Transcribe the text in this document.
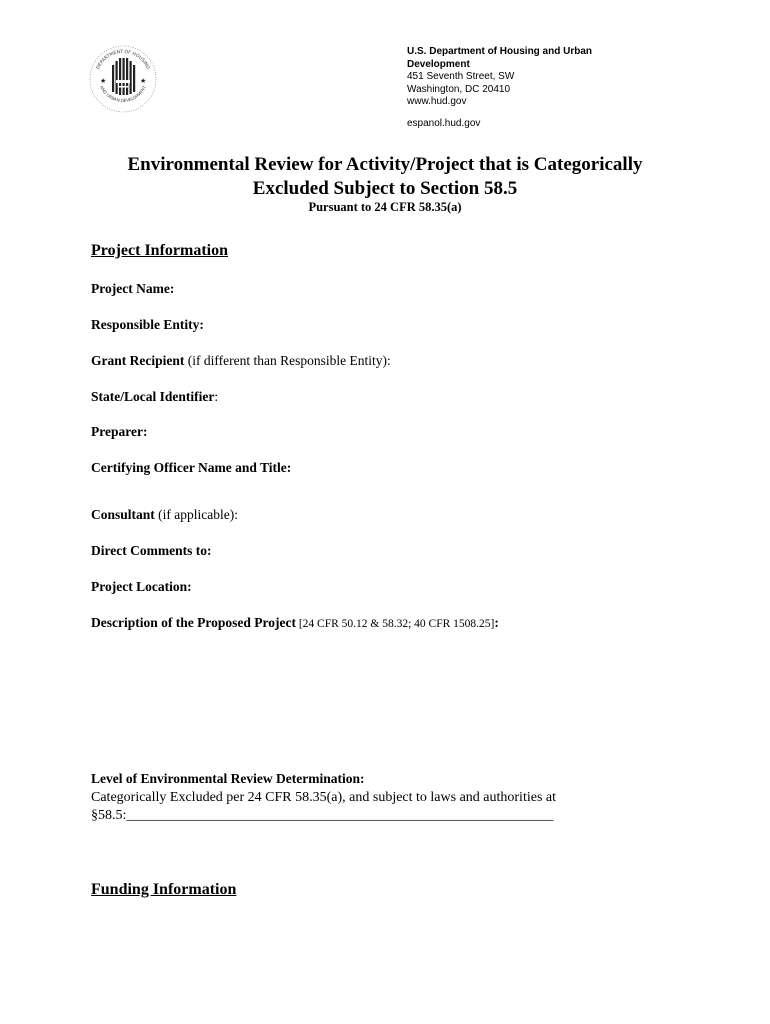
DEPARTMENT OF HOUSING
AND URBAN DEVELOPMENT
★	★
U.S. Department of Housing and Urban
Development
451 Seventh Street, SW
Washington, DC 20410
www.hud.gov
espanol.hud.gov
Environmental Review for Activity/Project that is Categorically
Excluded Subject to Section 58.5
Pursuant to 24 CFR 58.35(a)
Project Information
Project Name:
Responsible Entity:
Grant Recipient (if different than Responsible Entity):
State/Local Identifier:
Preparer:
Certifying Officer Name and Title:
Consultant (if applicable):
Direct Comments to:
Project Location:
Description of the Proposed Project [24 CFR 50.12 & 58.32; 40 CFR 1508.25]:
Level of Environmental Review Determination:
Categorically Excluded per 24 CFR 58.35(a), and subject to laws and authorities at
§58.5:_____________________________________________________________
Funding Information
